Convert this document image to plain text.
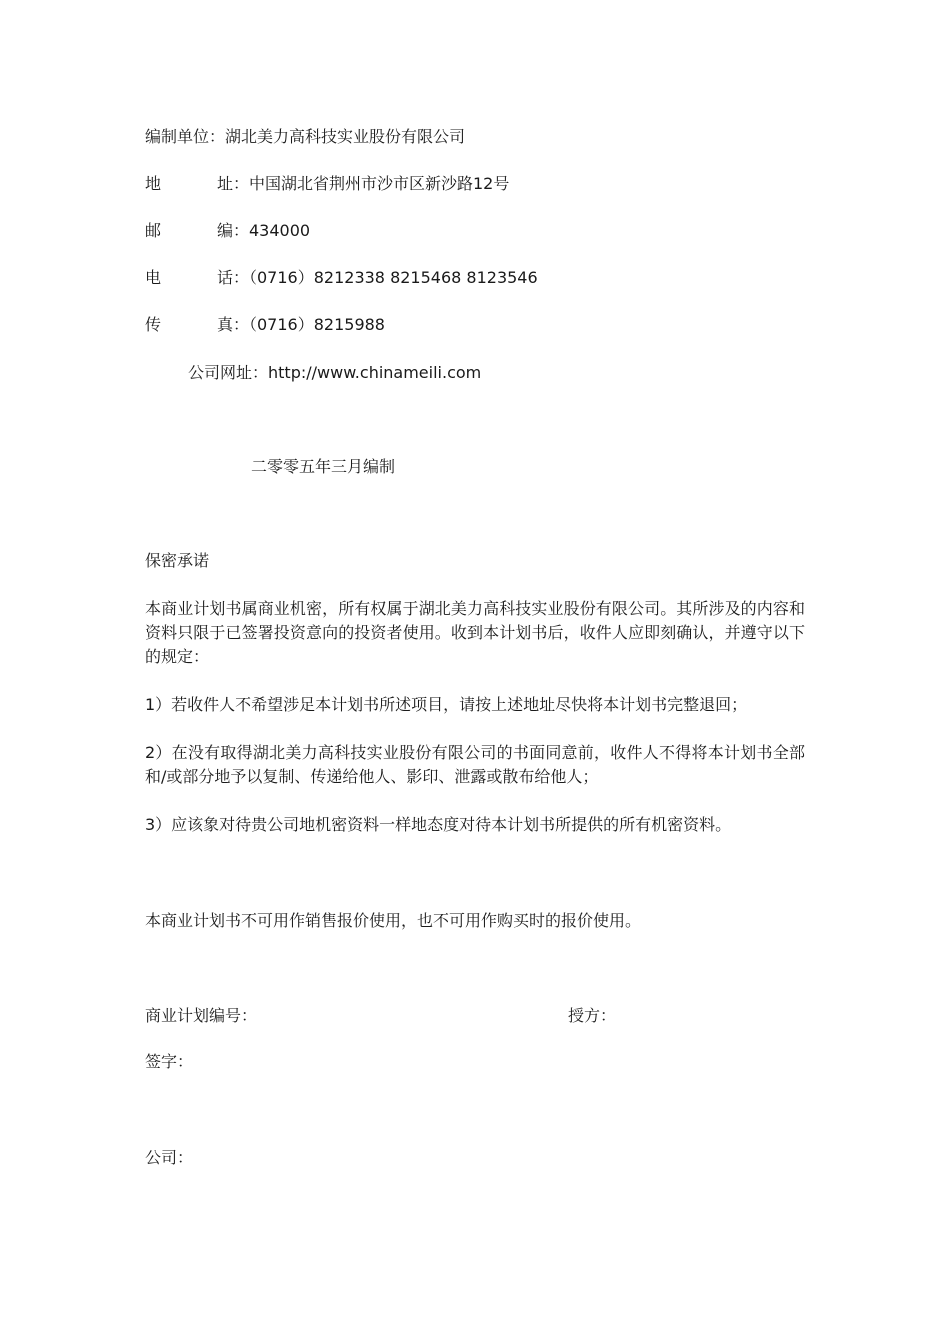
编制单位：湖北美力高科技实业股份有限公司
地	址：中国湖北省荆州市沙市区新沙路12号
邮	编：434000
电	话：（0716）8212338 8215468 8123546
传	真：（0716）8215988
公司网址：http://www.chinameili.com
二零零五年三月编制
保密承诺
本商业计划书属商业机密，所有权属于湖北美力高科技实业股份有限公司。其所涉及的内容和资料只限于已签署投资意向的投资者使用。收到本计划书后，收件人应即刻确认，并遵守以下的规定：
1）若收件人不希望涉足本计划书所述项目，请按上述地址尽快将本计划书完整退回；
2）在没有取得湖北美力高科技实业股份有限公司的书面同意前，收件人不得将本计划书全部和/或部分地予以复制、传递给他人、影印、泄露或散布给他人；
3）应该象对待贵公司地机密资料一样地态度对待本计划书所提供的所有机密资料。
本商业计划书不可用作销售报价使用，也不可用作购买时的报价使用。
商业计划编号：	授方：
签字：
公司：
